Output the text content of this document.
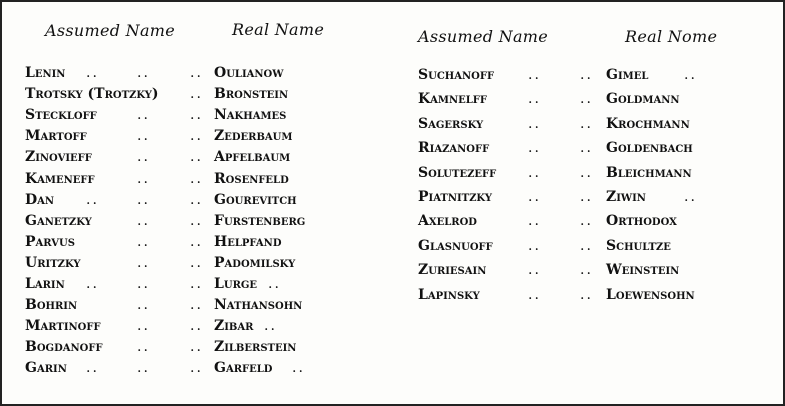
Assumed Name	Real Name	Assumed Name	Real Nome
Lenin ..	..	.. Oulianow
Trotsky (Trotzky) .. Bronstein
Steckloff	..	.. Nakhames
Martoff	..	.. Zederbaum
Zinovieff	..	.. Apfelbaum
Kameneff	..	.. Rosenfeld
Dan ..	..	.. Gourevitch
Ganetzky	..	.. Furstenberg
Parvus	..	.. Helpfand
Uritzky	..	.. Padomilsky
Larin ..	..	.. Lurge ..
Bohrin	..	.. Nathansohn
Martinoff	..	.. Zibar ..
Bogdanoff ..	.. Zilberstein
Garin ..	..	.. Garfeld ..
Suchanoff ..	.. Gimel	..
Kamnelff	..	.. Goldmann
Sagersky	..	.. Krochmann
Riazanoff	..	.. Goldenbach
Solutezeff ..	.. Bleichmann
Piatnitzky	..	.. Ziwin	..
Axelrod	..	.. Orthodox
Glasnuoff	..	.. Schultze
Zuriesain	..	.. Weinstein
Lapinsky	..	.. Loewensohn
